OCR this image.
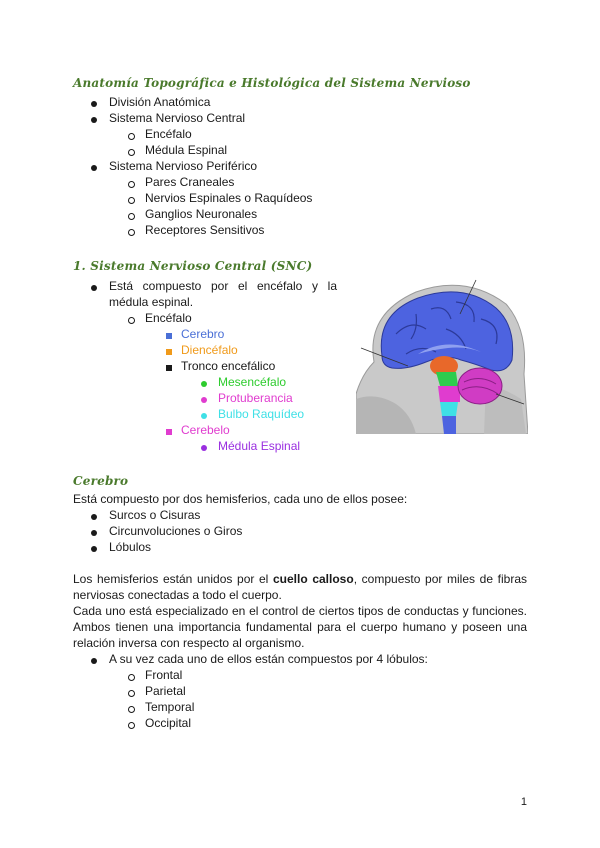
Anatomía Topográfica e Histológica del Sistema Nervioso
División Anatómica
Sistema Nervioso Central
Encéfalo
Médula Espinal
Sistema Nervioso Periférico
Pares Craneales
Nervios Espinales o Raquídeos
Ganglios Neuronales
Receptores Sensitivos
1. Sistema Nervioso Central (SNC)
Está compuesto por el encéfalo y la
médula espinal.
Encéfalo
Cerebro
Diencéfalo
Tronco encefálico
Mesencéfalo
Protuberancia
Bulbo Raquídeo
Cerebelo
Médula Espinal
Cerebro
Está compuesto por dos hemisferios, cada uno de ellos posee:
Surcos o Cisuras
Circunvoluciones o Giros
Lóbulos
Los hemisferios están unidos por el cuello calloso, compuesto por miles de fibras
nerviosas conectadas a todo el cuerpo.
Cada uno está especializado en el control de ciertos tipos de conductas y funciones.
Ambos tienen una importancia fundamental para el cuerpo humano y poseen una
relación inversa con respecto al organismo.
A su vez cada uno de ellos están compuestos por 4 lóbulos:
Frontal
Parietal
Temporal
Occipital
1
